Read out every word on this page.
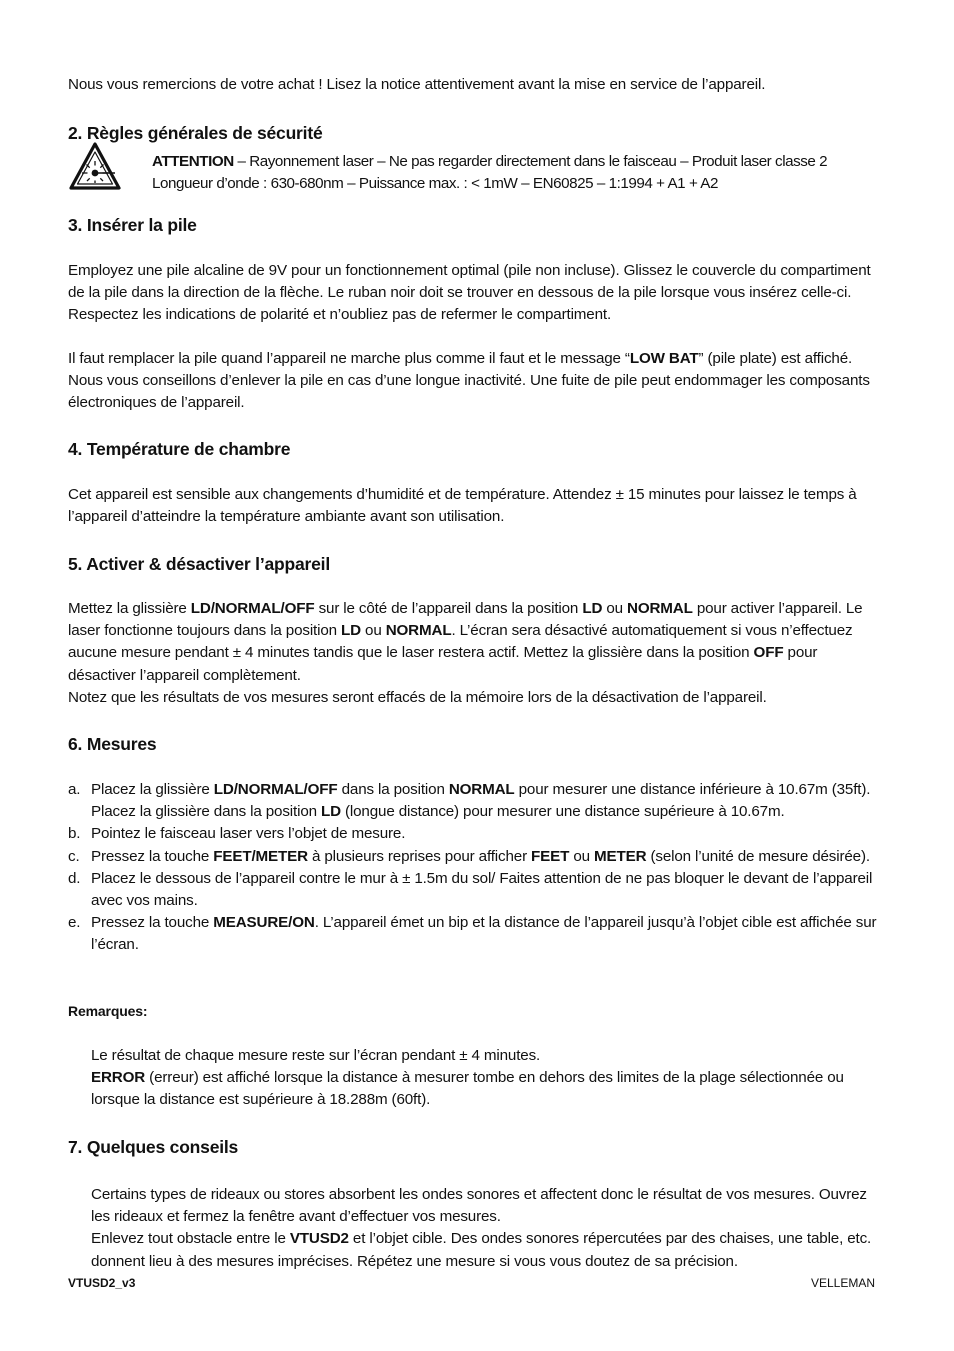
Nous vous remercions de votre achat ! Lisez la notice attentivement avant la mise en service de l’appareil.

2. Règles générales de sécurité

ATTENTION – Rayonnement laser – Ne pas regarder directement dans le faisceau – Produit laser classe 2

Longueur d’onde : 630-680nm – Puissance max. : < 1mW – EN60825 – 1:1994 + A1 + A2

3. Insérer la pile

Employez une pile alcaline de 9V pour un fonctionnement optimal (pile non incluse). Glissez le couvercle du compartiment de la pile dans la direction de la flèche. Le ruban noir doit se trouver en dessous de la pile lorsque vous insérez celle-ci. Respectez les indications de polarité et n’oubliez pas de refermer le compartiment.

Il faut remplacer la pile quand l’appareil ne marche plus comme il faut et le message “LOW BAT” (pile plate) est affiché. Nous vous conseillons d’enlever la pile en cas d’une longue inactivité. Une fuite de pile peut endommager les composants électroniques de l’appareil.

4. Température de chambre

Cet appareil est sensible aux changements d’humidité et de température. Attendez ± 15 minutes pour laissez le temps à l’appareil d’atteindre la température ambiante avant son utilisation.

5. Activer & désactiver l’appareil

Mettez la glissière LD/NORMAL/OFF sur le côté de l’appareil dans la position LD ou NORMAL pour activer l’appareil. Le laser fonctionne toujours dans la position LD ou NORMAL. L’écran sera désactivé automatiquement si vous n’effectuez aucune mesure pendant ± 4 minutes tandis que le laser restera actif. Mettez la glissière dans la position OFF pour désactiver l’appareil complètement.

Notez que les résultats de vos mesures seront effacés de la mémoire lors de la désactivation de l’appareil.

6. Mesures
a. Placez la glissière LD/NORMAL/OFF dans la position NORMAL pour mesurer une distance inférieure à 10.67m (35ft). Placez la glissière dans la position LD (longue distance) pour mesurer une distance supérieure à 10.67m.
b. Pointez le faisceau laser vers l’objet de mesure.
c. Pressez la touche FEET/METER à plusieurs reprises pour afficher FEET ou METER (selon l’unité de mesure désirée).
d. Placez le dessous de l’appareil contre le mur à ± 1.5m du sol/ Faites attention de ne pas bloquer le devant de l’appareil avec vos mains.
e. Pressez la touche MEASURE/ON. L’appareil émet un bip et la distance de l’appareil jusqu’à l’objet cible est affichée sur l’écran.

Remarques:

Le résultat de chaque mesure reste sur l’écran pendant ± 4 minutes.

ERROR (erreur) est affiché lorsque la distance à mesurer tombe en dehors des limites de la plage sélectionnée ou lorsque la distance est supérieure à 18.288m (60ft).

7. Quelques conseils

Certains types de rideaux ou stores absorbent les ondes sonores et affectent donc le résultat de vos mesures. Ouvrez les rideaux et fermez la fenêtre avant d’effectuer vos mesures.

Enlevez tout obstacle entre le VTUSD2 et l’objet cible. Des ondes sonores répercutées par des chaises, une table, etc. donnent lieu à des mesures imprécises. Répétez une mesure si vous vous doutez de sa précision.

VTUSD2_v3	VELLEMAN
